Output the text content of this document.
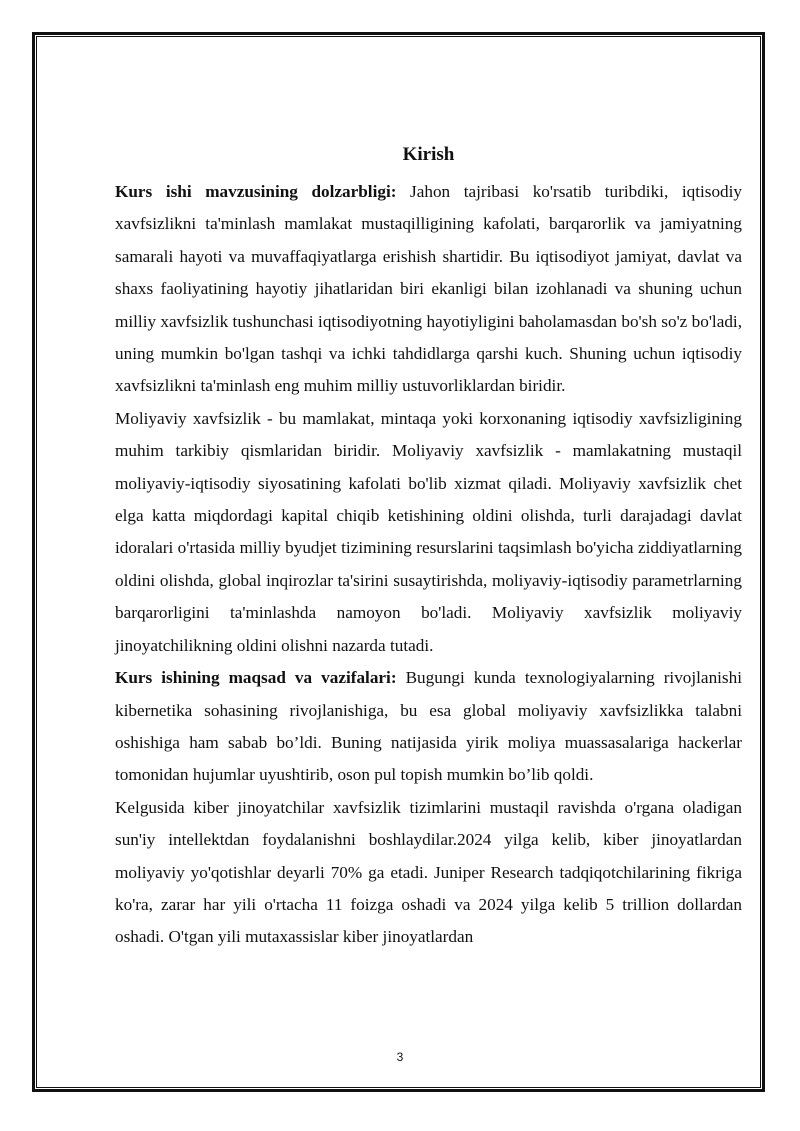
Kirish

Kurs ishi mavzusining dolzarbligi: Jahon tajribasi ko'rsatib turibdiki, iqtisodiy xavfsizlikni ta'minlash mamlakat mustaqilligining kafolati, barqarorlik va jamiyatning samarali hayoti va muvaffaqiyatlarga erishish shartidir. Bu iqtisodiyot jamiyat, davlat va shaxs faoliyatining hayotiy jihatlaridan biri ekanligi bilan izohlanadi va shuning uchun milliy xavfsizlik tushunchasi iqtisodiyotning hayotiyligini baholamasdan bo'sh so'z bo'ladi, uning mumkin bo'lgan tashqi va ichki tahdidlarga qarshi kuch. Shuning uchun iqtisodiy xavfsizlikni ta'minlash eng muhim milliy ustuvorliklardan biridir.

Moliyaviy xavfsizlik - bu mamlakat, mintaqa yoki korxonaning iqtisodiy xavfsizligining muhim tarkibiy qismlaridan biridir. Moliyaviy xavfsizlik - mamlakatning mustaqil moliyaviy-iqtisodiy siyosatining kafolati bo'lib xizmat qiladi. Moliyaviy xavfsizlik chet elga katta miqdordagi kapital chiqib ketishining oldini olishda, turli darajadagi davlat idoralari o'rtasida milliy byudjet tizimining resurslarini taqsimlash bo'yicha ziddiyatlarning oldini olishda, global inqirozlar ta'sirini susaytirishda, moliyaviy-iqtisodiy parametrlarning barqarorligini ta'minlashda namoyon bo'ladi. Moliyaviy xavfsizlik moliyaviy jinoyatchilikning oldini olishni nazarda tutadi.

Kurs ishining maqsad va vazifalari: Bugungi kunda texnologiyalarning rivojlanishi kibernetika sohasining rivojlanishiga, bu esa global moliyaviy xavfsizlikka talabni oshishiga ham sabab bo’ldi. Buning natijasida yirik moliya muassasalariga hackerlar tomonidan hujumlar uyushtirib, oson pul topish mumkin bo’lib qoldi.

Kelgusida kiber jinoyatchilar xavfsizlik tizimlarini mustaqil ravishda o'rgana oladigan sun'iy intellektdan foydalanishni boshlaydilar.2024 yilga kelib, kiber jinoyatlardan moliyaviy yo'qotishlar deyarli 70% ga etadi. Juniper Research tadqiqotchilarining fikriga ko'ra, zarar har yili o'rtacha 11 foizga oshadi va 2024 yilga kelib 5 trillion dollardan oshadi. O'tgan yili mutaxassislar kiber jinoyatlardan

3
